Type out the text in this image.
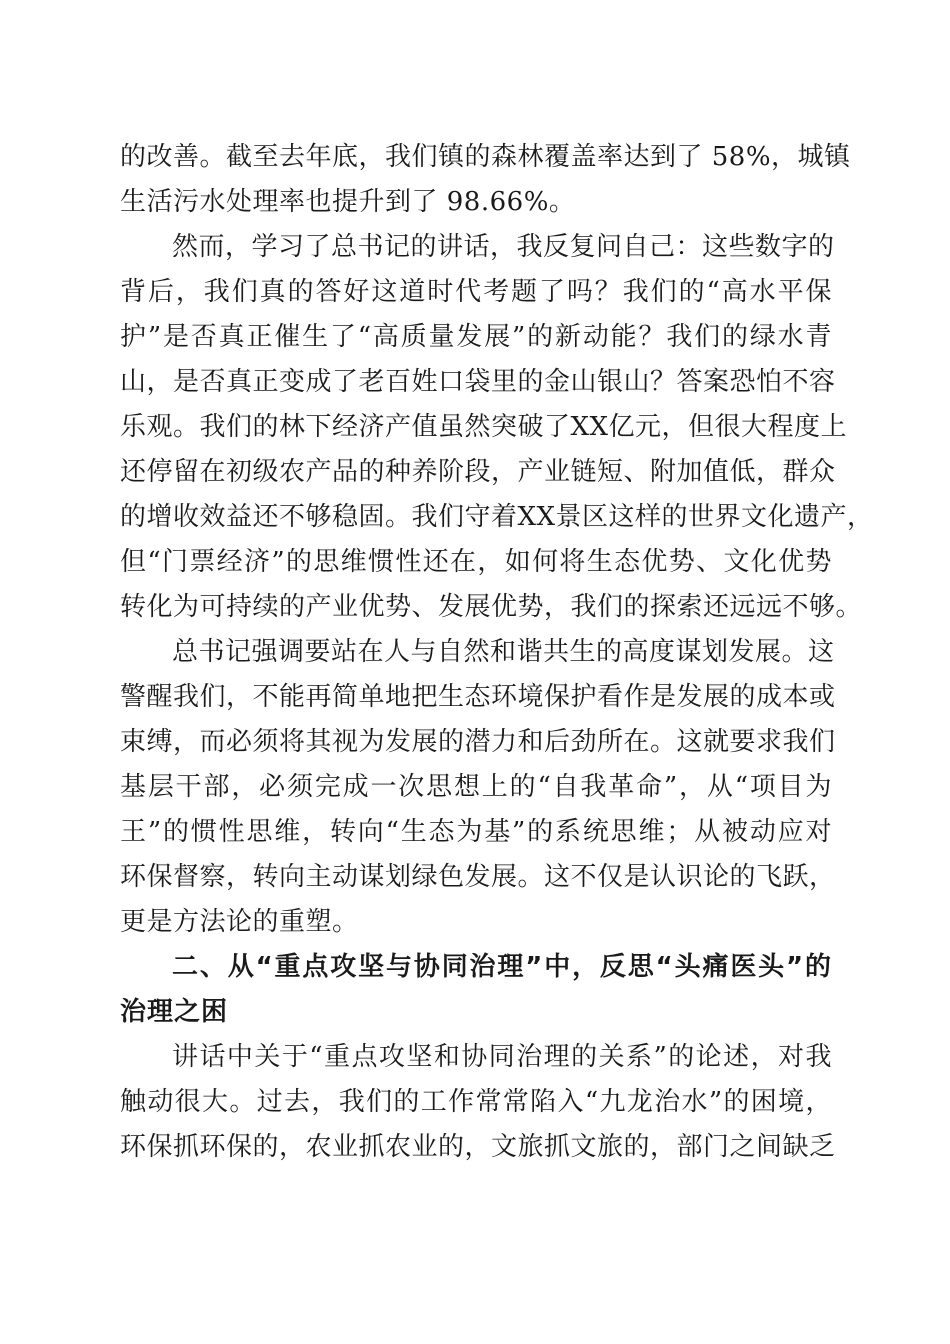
的改善。截至去年底，我们镇的森林覆盖率达到了 58%，城镇
生活污水处理率也提升到了 98.66%。
然而，学习了总书记的讲话，我反复问自己：这些数字的
背后，我们真的答好这道时代考题了吗？我们的“高水平保
护”是否真正催生了“高质量发展”的新动能？我们的绿水青
山，是否真正变成了老百姓口袋里的金山银山？答案恐怕不容
乐观。我们的林下经济产值虽然突破了XX亿元，但很大程度上
还停留在初级农产品的种养阶段，产业链短、附加值低，群众
的增收效益还不够稳固。我们守着XX景区这样的世界文化遗产，
但“门票经济”的思维惯性还在，如何将生态优势、文化优势
转化为可持续的产业优势、发展优势，我们的探索还远远不够。
总书记强调要站在人与自然和谐共生的高度谋划发展。这
警醒我们，不能再简单地把生态环境保护看作是发展的成本或
束缚，而必须将其视为发展的潜力和后劲所在。这就要求我们
基层干部，必须完成一次思想上的“自我革命”，从“项目为
王”的惯性思维，转向“生态为基”的系统思维；从被动应对
环保督察，转向主动谋划绿色发展。这不仅是认识论的飞跃，
更是方法论的重塑。
二、从“重点攻坚与协同治理”中，反思“头痛医头”的
治理之困
讲话中关于“重点攻坚和协同治理的关系”的论述，对我
触动很大。过去，我们的工作常常陷入“九龙治水”的困境，
环保抓环保的，农业抓农业的，文旅抓文旅的，部门之间缺乏
